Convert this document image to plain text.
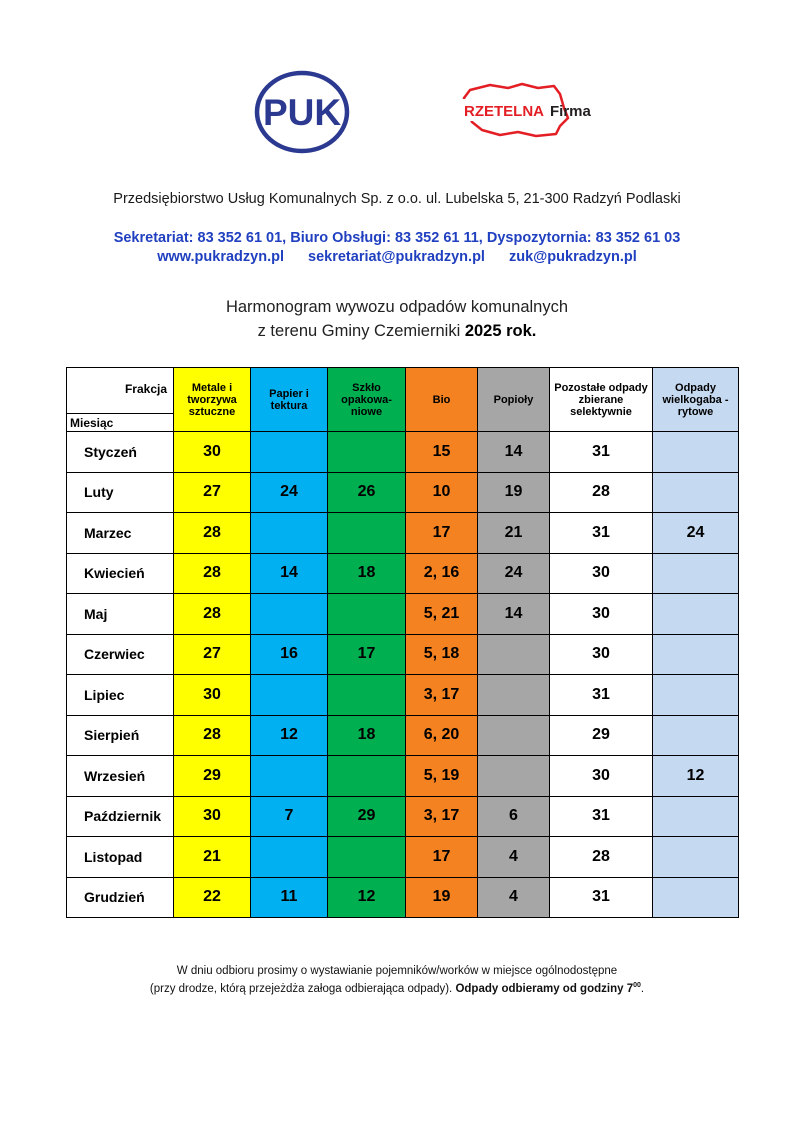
PUK	RZETELNA Firma
Przedsiębiorstwo Usług Komunalnych Sp. z o.o. ul. Lubelska 5, 21-300 Radzyń Podlaski
Sekretariat: 83 352 61 01, Biuro Obsługi: 83 352 61 11, Dyspozytornia: 83 352 61 03
www.pukradzyn.pl sekretariat@pukradzyn.pl zuk@pukradzyn.pl
Harmonogram wywozu odpadów komunalnych
z terenu Gminy Czemierniki 2025 rok.
Frakcja
Miesiąc	Metale i tworzywa sztuczne	Papier i tektura	Szkło opakowa-niowe	Bio	Popioły	Pozostałe odpady zbierane selektywnie	Odpady wielkogaba - rytowe
Styczeń	30			15	14	31	
Luty	27	24	26	10	19	28	
Marzec	28			17	21	31	24
Kwiecień	28	14	18	2, 16	24	30	
Maj	28			5, 21	14	30	
Czerwiec	27	16	17	5, 18		30	
Lipiec	30			3, 17		31	
Sierpień	28	12	18	6, 20		29	
Wrzesień	29			5, 19		30	12
Październik	30	7	29	3, 17	6	31	
Listopad	21			17	4	28	
Grudzień	22	11	12	19	4	31	
W dniu odbioru prosimy o wystawianie pojemników/worków w miejsce ogólnodostępne
(przy drodze, którą przejeżdża załoga odbierająca odpady). Odpady odbieramy od godziny $7^{00}$.
